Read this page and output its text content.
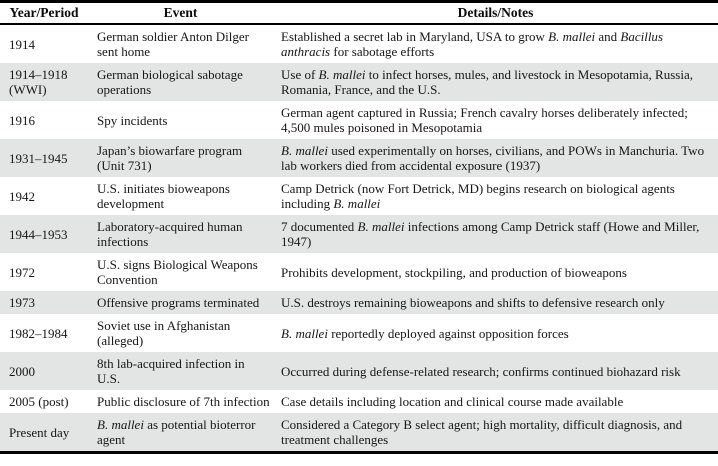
Year/Period	Event	Details/Notes
1914	German soldier Anton Dilger sent home	Established a secret lab in Maryland, USA to grow B. mallei and Bacillus anthracis for sabotage efforts
1914–1918 (WWI)	German biological sabotage operations	Use of B. mallei to infect horses, mules, and livestock in Mesopotamia, Russia, Romania, France, and the U.S.
1916	Spy incidents	German agent captured in Russia; French cavalry horses deliberately infected; 4,500 mules poisoned in Mesopotamia
1931–1945	Japan’s biowarfare program (Unit 731)	B. mallei used experimentally on horses, civilians, and POWs in Manchuria. Two lab workers died from accidental exposure (1937)
1942	U.S. initiates bioweapons development	Camp Detrick (now Fort Detrick, MD) begins research on biological agents including B. mallei
1944–1953	Laboratory-acquired human infections	7 documented B. mallei infections among Camp Detrick staff (Howe and Miller, 1947)
1972	U.S. signs Biological Weapons Convention	Prohibits development, stockpiling, and production of bioweapons
1973	Offensive programs terminated	U.S. destroys remaining bioweapons and shifts to defensive research only
1982–1984	Soviet use in Afghanistan (alleged)	B. mallei reportedly deployed against opposition forces
2000	8th lab-acquired infection in U.S.	Occurred during defense-related research; confirms continued biohazard risk
2005 (post)	Public disclosure of 7th infection	Case details including location and clinical course made available
Present day	B. mallei as potential bioterror agent	Considered a Category B select agent; high mortality, difficult diagnosis, and treatment challenges
